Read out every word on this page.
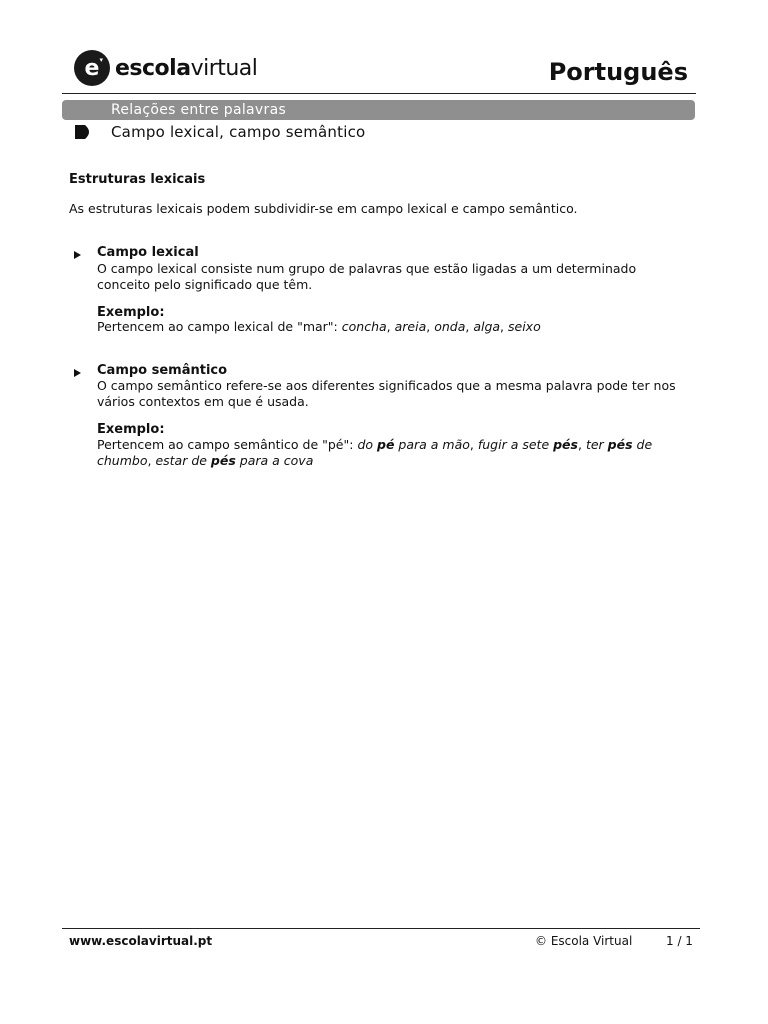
e ▾ escolavirtual	Português
Relações entre palavras
Campo lexical, campo semântico
Estruturas lexicais
As estruturas lexicais podem subdividir-se em campo lexical e campo semântico.
Campo lexical
O campo lexical consiste num grupo de palavras que estão ligadas a um determinado
conceito pelo significado que têm.
Exemplo:
Pertencem ao campo lexical de "mar": concha, areia, onda, alga, seixo
Campo semântico
O campo semântico refere-se aos diferentes significados que a mesma palavra pode ter nos
vários contextos em que é usada.
Exemplo:
Pertencem ao campo semântico de "pé": do pé para a mão, fugir a sete pés, ter pés de
chumbo, estar de pés para a cova
www.escolavirtual.pt	© Escola Virtual	1 / 1
